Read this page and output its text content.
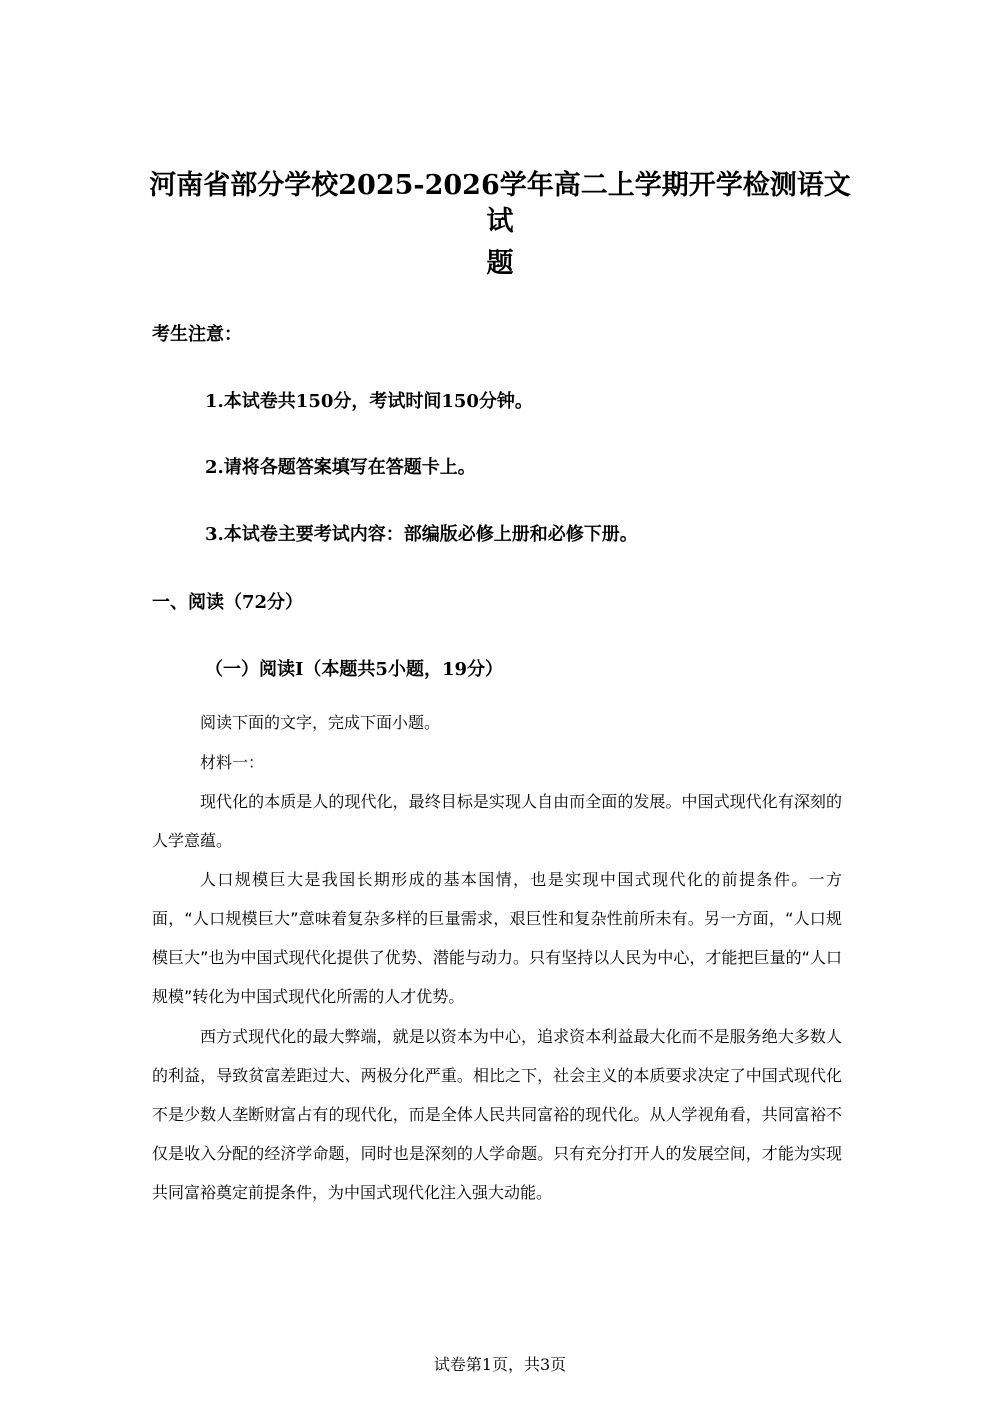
河南省部分学校2025-2026学年高二上学期开学检测语文试
题
考生注意：
1.本试卷共150分，考试时间150分钟。
2.请将各题答案填写在答题卡上。
3.本试卷主要考试内容：部编版必修上册和必修下册。
一、阅读（72分）
（一）阅读Ⅰ（本题共5小题，19分）

阅读下面的文字，完成下面小题。

材料一：

现代化的本质是人的现代化，最终目标是实现人自由而全面的发展。中国式现代化有深刻的人学意蕴。

人口规模巨大是我国长期形成的基本国情，也是实现中国式现代化的前提条件。一方面，“人口规模巨大”意味着复杂多样的巨量需求，艰巨性和复杂性前所未有。另一方面，“人口规模巨大”也为中国式现代化提供了优势、潜能与动力。只有坚持以人民为中心，才能把巨量的“人口规模”转化为中国式现代化所需的人才优势。

西方式现代化的最大弊端，就是以资本为中心，追求资本利益最大化而不是服务绝大多数人的利益，导致贫富差距过大、两极分化严重。相比之下，社会主义的本质要求决定了中国式现代化不是少数人垄断财富占有的现代化，而是全体人民共同富裕的现代化。从人学视角看，共同富裕不仅是收入分配的经济学命题，同时也是深刻的人学命题。只有充分打开人的发展空间，才能为实现共同富裕奠定前提条件，为中国式现代化注入强大动能。

试卷第1页，共3页
